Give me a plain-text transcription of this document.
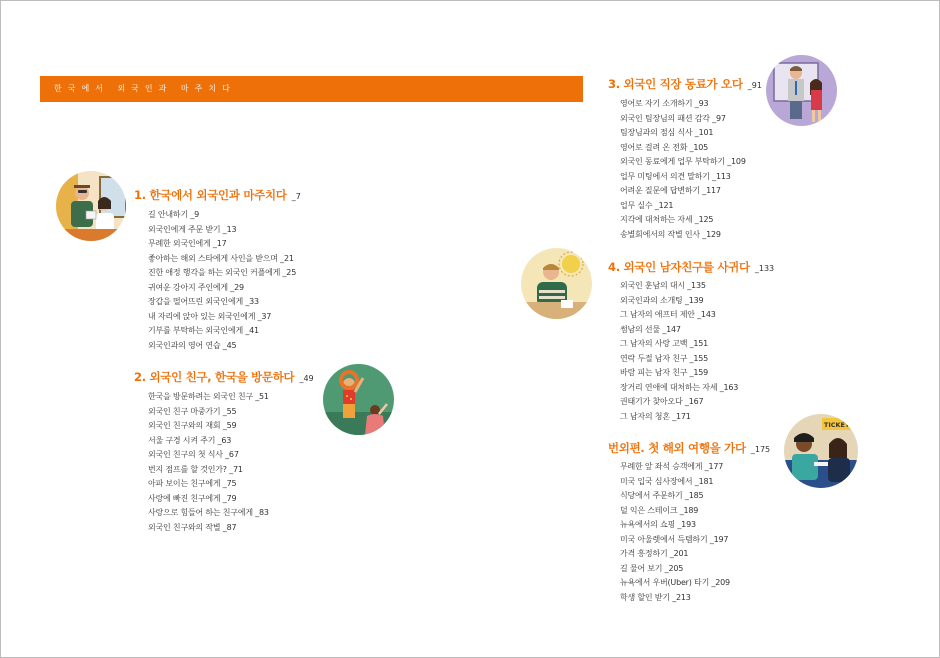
한국에서 외국인과 마주치다
1. 한국에서 외국인과 마주치다 _7
길 안내하기 _9
외국인에게 주문 받기 _13
무례한 외국인에게 _17
좋아하는 해외 스타에게 사인을 받으며 _21
진한 애정 행각을 하는 외국인 커플에게 _25
귀여운 강아지 주인에게 _29
장갑을 떨어뜨린 외국인에게 _33
내 자리에 앉아 있는 외국인에게 _37
기부를 부탁하는 외국인에게 _41
외국인과의 영어 연습 _45
2. 외국인 친구, 한국을 방문하다 _49
한국을 방문하려는 외국인 친구 _51
외국인 친구 마중가기 _55
외국인 친구와의 재회 _59
서울 구경 시켜 주기 _63
외국인 친구의 첫 식사 _67
번지 점프를 할 것인가? _71
아파 보이는 친구에게 _75
사랑에 빠진 친구에게 _79
사랑으로 힘들어 하는 친구에게 _83
외국인 친구와의 작별 _87
3. 외국인 직장 동료가 오다 _91
영어로 자기 소개하기 _93
외국인 팀장님의 패션 감각 _97
팀장님과의 점심 식사 _101
영어로 걸려 온 전화 _105
외국인 동료에게 업무 부탁하기 _109
업무 미팅에서 의견 말하기 _113
어려운 질문에 답변하기 _117
업무 실수 _121
지각에 대처하는 자세 _125
송별회에서의 작별 인사 _129
4. 외국인 남자친구를 사귀다 _133
외국인 훈남의 대시 _135
외국인과의 소개팅 _139
그 남자의 애프터 제안 _143
썸남의 선물 _147
그 남자의 사랑 고백 _151
연락 두절 남자 친구 _155
바람 피는 남자 친구 _159
장거리 연애에 대처하는 자세 _163
권태기가 찾아오다 _167
그 남자의 청혼 _171
번외편. 첫 해외 여행을 가다 _175
무례한 앞 좌석 승객에게 _177
미국 입국 심사장에서 _181
식당에서 주문하기 _185
덜 익은 스테이크 _189
뉴욕에서의 쇼핑 _193
미국 아울렛에서 득템하기 _197
가격 흥정하기 _201
길 물어 보기 _205
뉴욕에서 우버(Uber) 타기 _209
학생 할인 받기 _213
TICKETS
